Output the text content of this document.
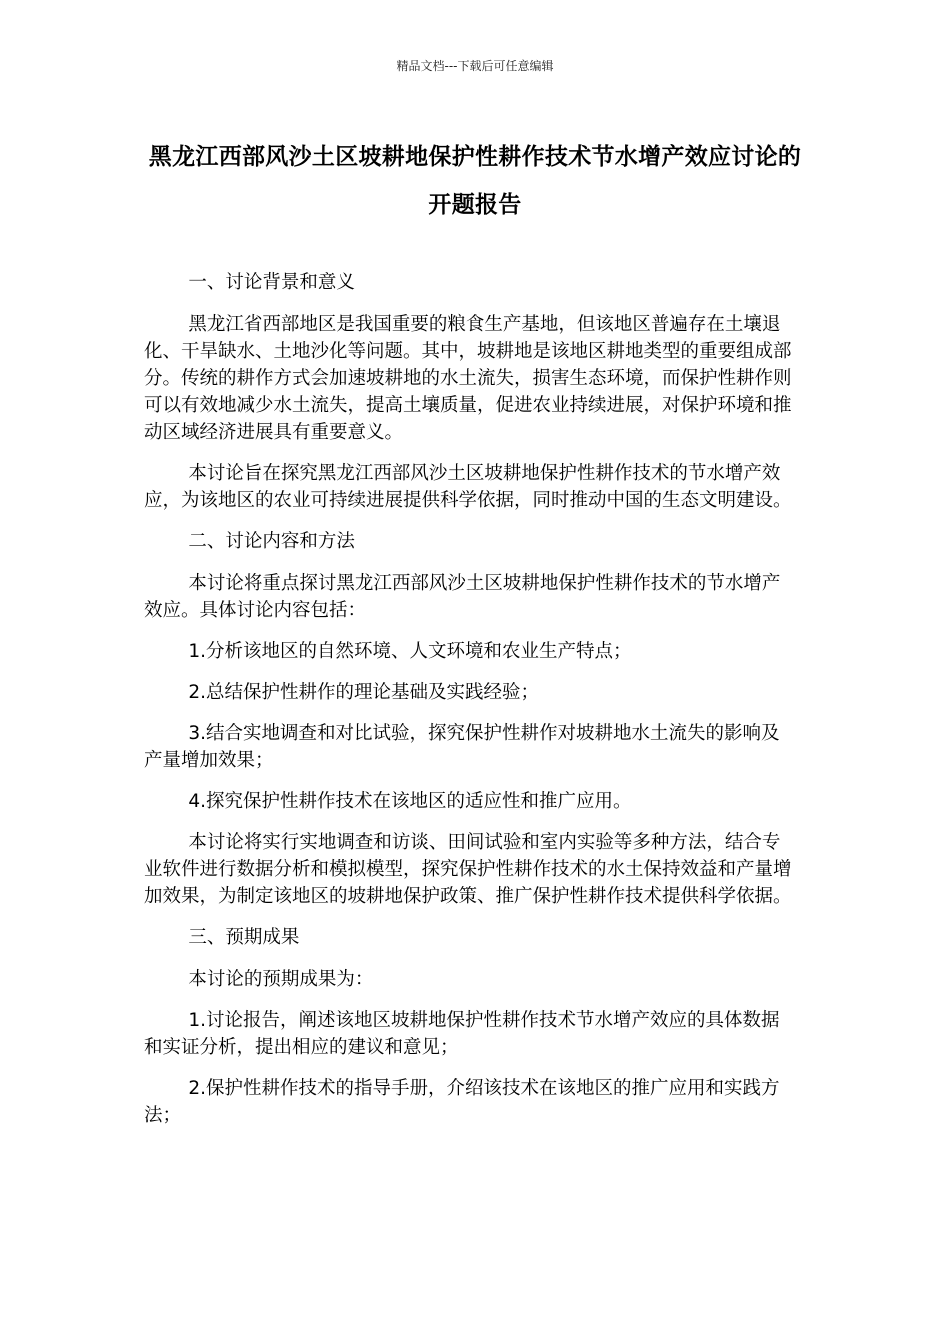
精品文档---下载后可任意编辑
黑龙江西部风沙土区坡耕地保护性耕作技术节水增产效应讨论的开题报告

一、讨论背景和意义

黑龙江省西部地区是我国重要的粮食生产基地，但该地区普遍存在土壤退化、干旱缺水、土地沙化等问题。其中，坡耕地是该地区耕地类型的重要组成部分。传统的耕作方式会加速坡耕地的水土流失，损害生态环境，而保护性耕作则可以有效地减少水土流失，提高土壤质量，促进农业持续进展，对保护环境和推动区域经济进展具有重要意义。

本讨论旨在探究黑龙江西部风沙土区坡耕地保护性耕作技术的节水增产效应，为该地区的农业可持续进展提供科学依据，同时推动中国的生态文明建设。

二、讨论内容和方法

本讨论将重点探讨黑龙江西部风沙土区坡耕地保护性耕作技术的节水增产效应。具体讨论内容包括：

1.分析该地区的自然环境、人文环境和农业生产特点；

2.总结保护性耕作的理论基础及实践经验；

3.结合实地调查和对比试验，探究保护性耕作对坡耕地水土流失的影响及产量增加效果；

4.探究保护性耕作技术在该地区的适应性和推广应用。

本讨论将实行实地调查和访谈、田间试验和室内实验等多种方法，结合专业软件进行数据分析和模拟模型，探究保护性耕作技术的水土保持效益和产量增加效果，为制定该地区的坡耕地保护政策、推广保护性耕作技术提供科学依据。

三、预期成果

本讨论的预期成果为：

1.讨论报告，阐述该地区坡耕地保护性耕作技术节水增产效应的具体数据和实证分析，提出相应的建议和意见；

2.保护性耕作技术的指导手册，介绍该技术在该地区的推广应用和实践方法；
